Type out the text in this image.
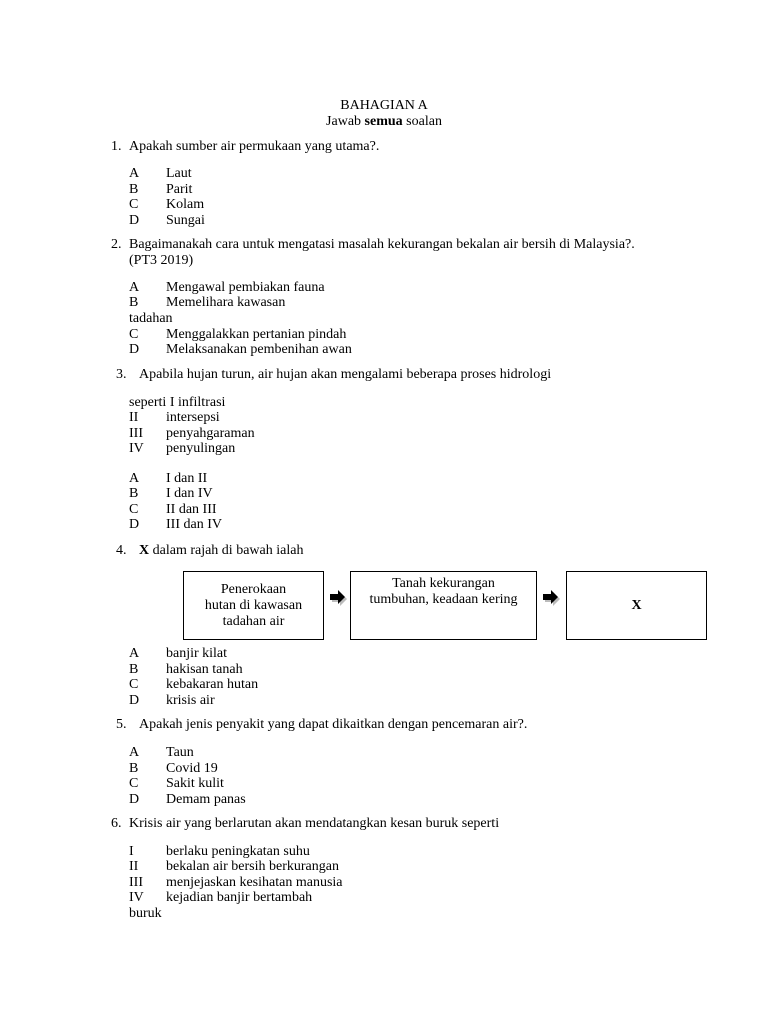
BAHAGIAN A
Jawab semua soalan
1. Apakah sumber air permukaan yang utama?.
A Laut
B Parit
C Kolam
D Sungai
2. Bagaimanakah cara untuk mengatasi masalah kekurangan bekalan air bersih di Malaysia?.
(PT3 2019)
A Mengawal pembiakan fauna
B Memelihara kawasan
tadahan
C Menggalakkan pertanian pindah
D Melaksanakan pembenihan awan
3. Apabila hujan turun, air hujan akan mengalami beberapa proses hidrologi
seperti I infiltrasi
II intersepsi
III penyahgaraman
IV penyulingan
A I dan II
B I dan IV
C II dan III
D III dan IV
4. X dalam rajah di bawah ialah
Penerokaan
hutan di kawasan
tadahan air
Tanah kekurangan
tumbuhan, keadaan kering	X
A banjir kilat
B hakisan tanah
C kebakaran hutan
D krisis air
5. Apakah jenis penyakit yang dapat dikaitkan dengan pencemaran air?.
A Taun
B Covid 19
C Sakit kulit
D Demam panas
6. Krisis air yang berlarutan akan mendatangkan kesan buruk seperti
I berlaku peningkatan suhu
II bekalan air bersih berkurangan
III menjejaskan kesihatan manusia
IV kejadian banjir bertambah
buruk
